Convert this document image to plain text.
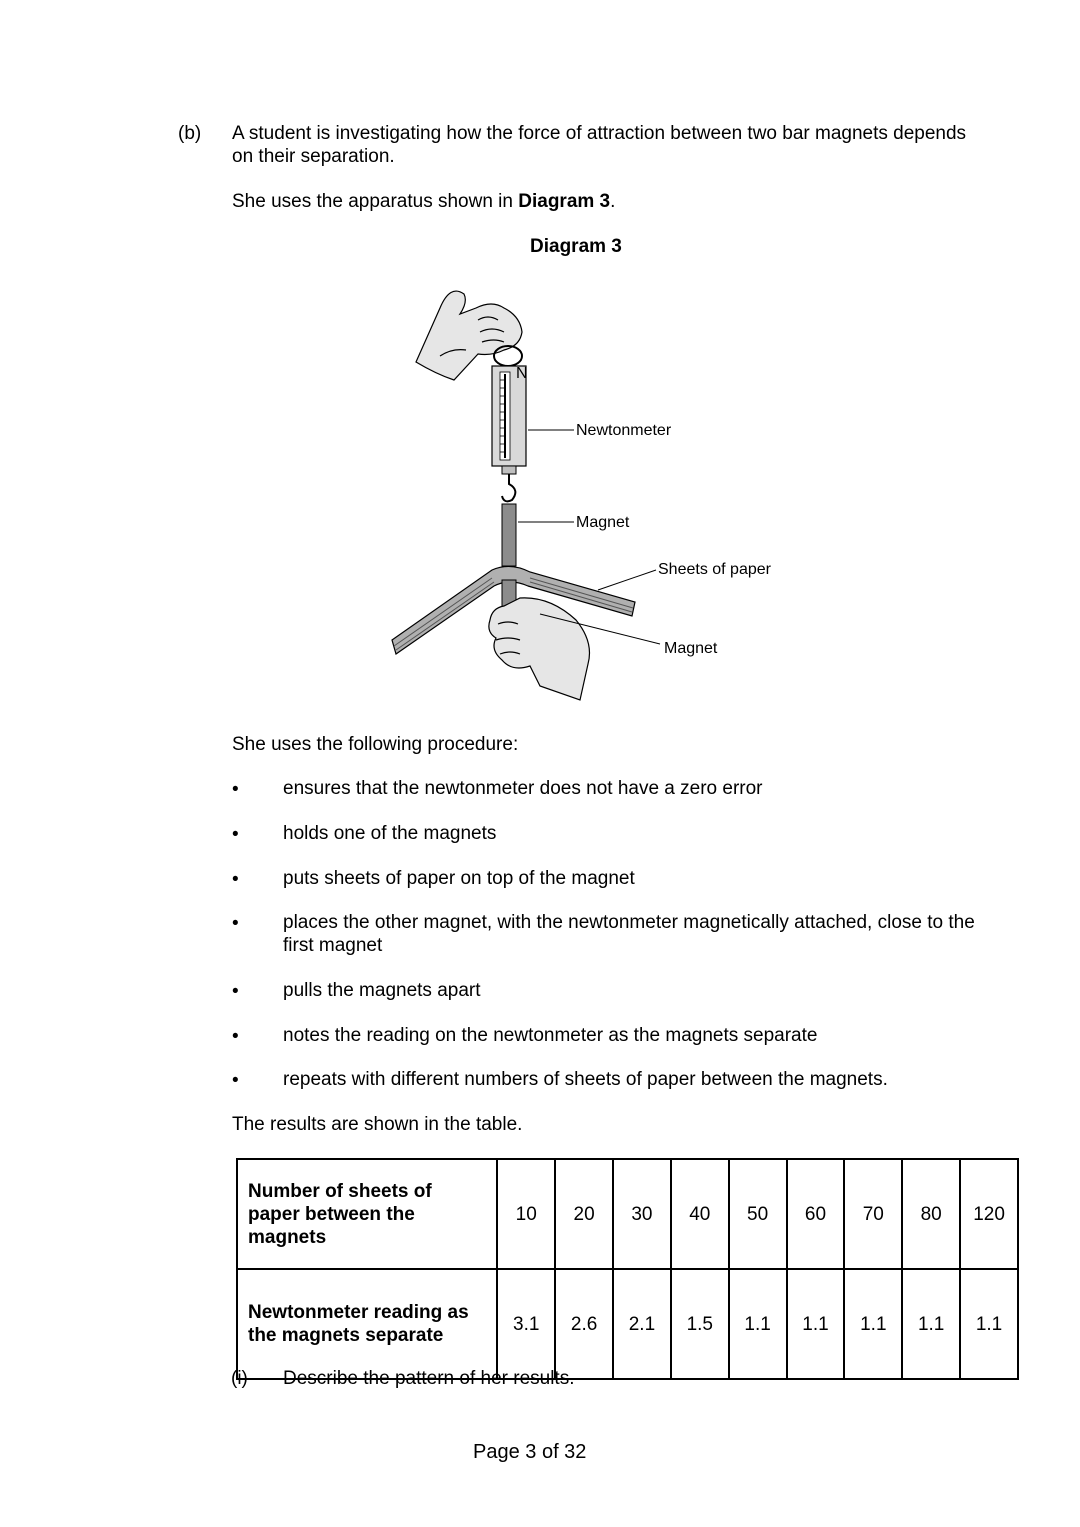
(b) A student is investigating how the force of attraction between two bar magnets depends on their separation.
She uses the apparatus shown in Diagram 3.
Diagram 3
N
Newtonmeter
Magnet
Sheets of paper
Magnet
She uses the following procedure:
•	ensures that the newtonmeter does not have a zero error
•	holds one of the magnets
•	puts sheets of paper on top of the magnet
•	places the other magnet, with the newtonmeter magnetically attached, close to the first magnet
•	pulls the magnets apart
•	notes the reading on the newtonmeter as the magnets separate
•	repeats with different numbers of sheets of paper between the magnets.
The results are shown in the table.
Number of sheets of paper between the magnets	10	20	30	40	50	60	70	80	120
Newtonmeter reading as the magnets separate	3.1	2.6	2.1	1.5	1.1	1.1	1.1	1.1	1.1
(i) Describe the pattern of her results.
Page 3 of 32
